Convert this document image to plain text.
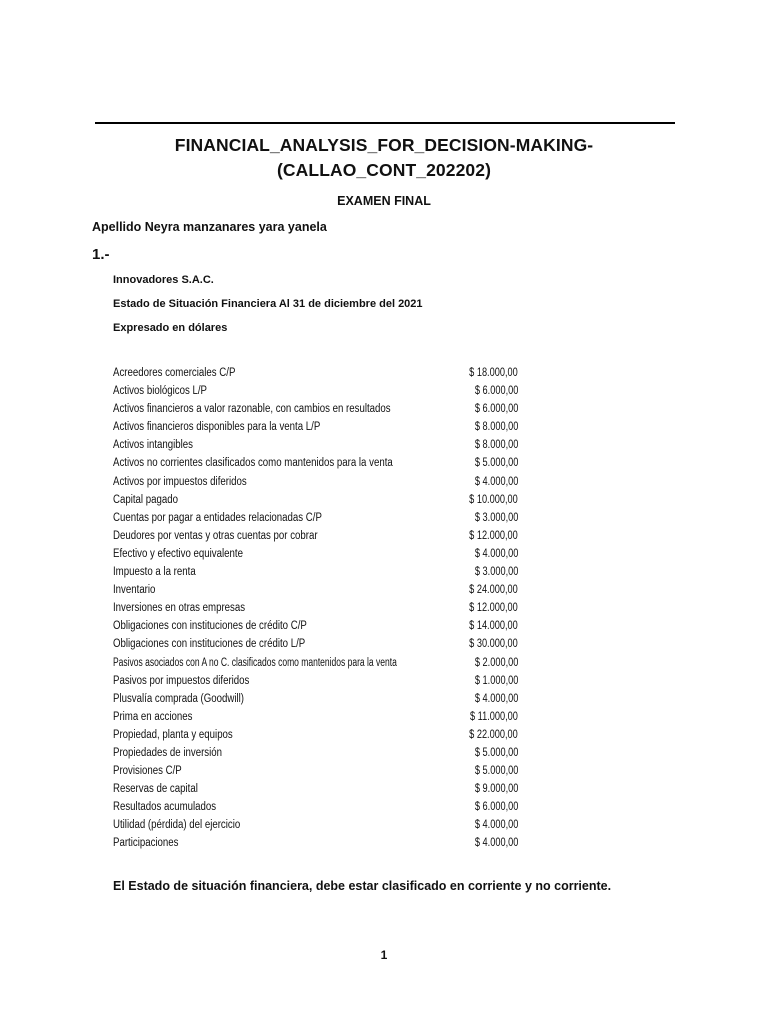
FINANCIAL_ANALYSIS_FOR_DECISION-MAKING-
(CALLAO_CONT_202202)
EXAMEN FINAL
Apellido Neyra manzanares yara yanela
1.-
Innovadores S.A.C.
Estado de Situación Financiera Al 31 de diciembre del 2021
Expresado en dólares
Acreedores comerciales C/P	$ 18.000,00
Activos biológicos L/P	$ 6.000,00
Activos financieros a valor razonable, con cambios en resultados	$ 6.000,00
Activos financieros disponibles para la venta L/P	$ 8.000,00
Activos intangibles	$ 8.000,00
Activos no corrientes clasificados como mantenidos para la venta	$ 5.000,00
Activos por impuestos diferidos	$ 4.000,00
Capital pagado	$ 10.000,00
Cuentas por pagar a entidades relacionadas C/P	$ 3.000,00
Deudores por ventas y otras cuentas por cobrar	$ 12.000,00
Efectivo y efectivo equivalente	$ 4.000,00
Impuesto a la renta	$ 3.000,00
Inventario	$ 24.000,00
Inversiones en otras empresas	$ 12.000,00
Obligaciones con instituciones de crédito C/P	$ 14.000,00
Obligaciones con instituciones de crédito L/P	$ 30.000,00
Pasivos asociados con A no C. clasificados como mantenidos para la venta	$ 2.000,00
Pasivos por impuestos diferidos	$ 1.000,00
Plusvalía comprada (Goodwill)	$ 4.000,00
Prima en acciones	$ 11.000,00
Propiedad, planta y equipos	$ 22.000,00
Propiedades de inversión	$ 5.000,00
Provisiones C/P	$ 5.000,00
Reservas de capital	$ 9.000,00
Resultados acumulados	$ 6.000,00
Utilidad (pérdida) del ejercicio	$ 4.000,00
Participaciones	$ 4.000,00
El Estado de situación financiera, debe estar clasificado en corriente y no corriente.
1
